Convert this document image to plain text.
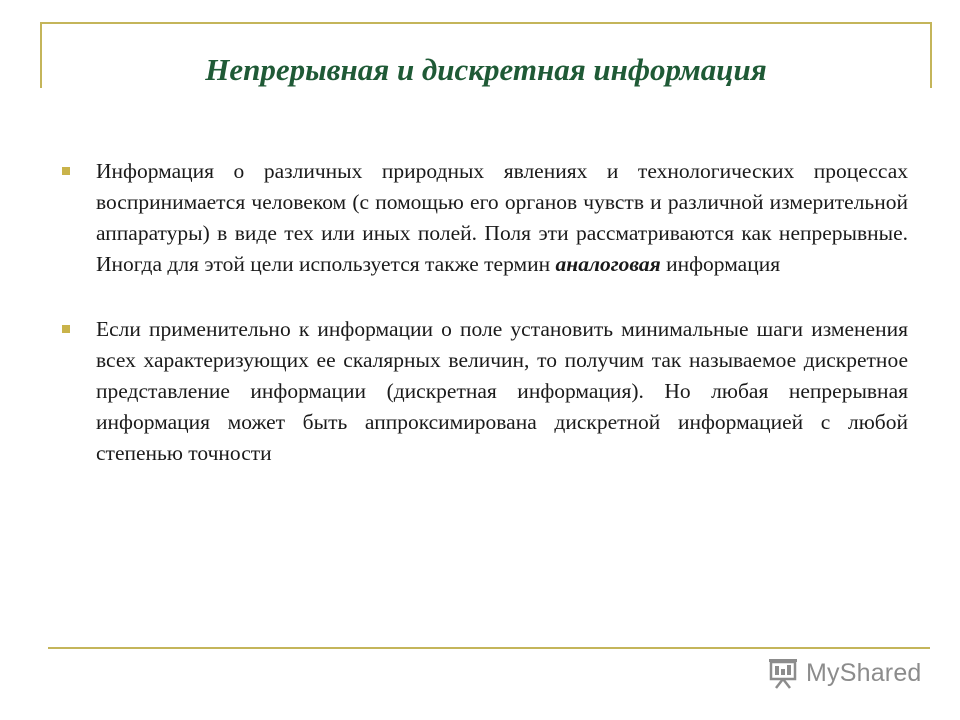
Непрерывная и дискретная информация

Информация о различных природных явлениях и технологических процессах воспринимается человеком (с помощью его органов чувств и различной измерительной аппаратуры) в виде тех или иных полей. Поля эти рассматриваются как непрерывные. Иногда для этой цели используется также термин аналоговая информация

Если применительно к информации о поле установить минимальные шаги изменения всех характеризующих ее скалярных величин, то получим так называемое дискретное представление информации (дискретная информация). Но любая непрерывная информация может быть аппроксимирована дискретной информацией с любой степенью точности

MyShared
